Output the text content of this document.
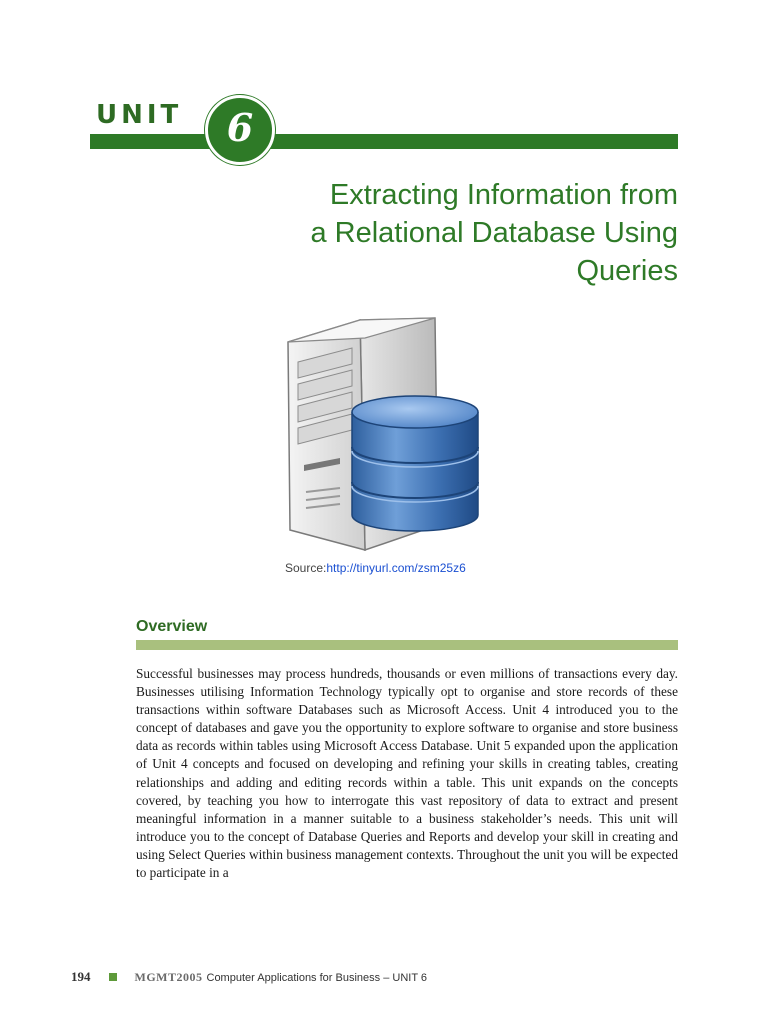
UNIT	6
Extracting Information from
a Relational Database Using
Queries
Source:http://tinyurl.com/zsm25z6
Overview
Successful businesses may process hundreds, thousands or even millions of transactions every day. Businesses utilising Information Technology typically opt to organise and store records of these transactions within software Databases such as Microsoft Access. Unit 4 introduced you to the concept of databases and gave you the opportunity to explore software to organise and store business data as records within tables using Microsoft Access Database. Unit 5 expanded upon the application of Unit 4 concepts and focused on developing and refining your skills in creating tables, creating relationships and adding and editing records within a table. This unit expands on the concepts covered, by teaching you how to interrogate this vast repository of data to extract and present meaningful information in a manner suitable to a business stakeholder’s needs. This unit will introduce you to the concept of Database Queries and Reports and develop your skill in creating and using Select Queries within business management contexts. Throughout the unit you will be expected to participate in a
194	MGMT2005 Computer Applications for Business – UNIT 6
